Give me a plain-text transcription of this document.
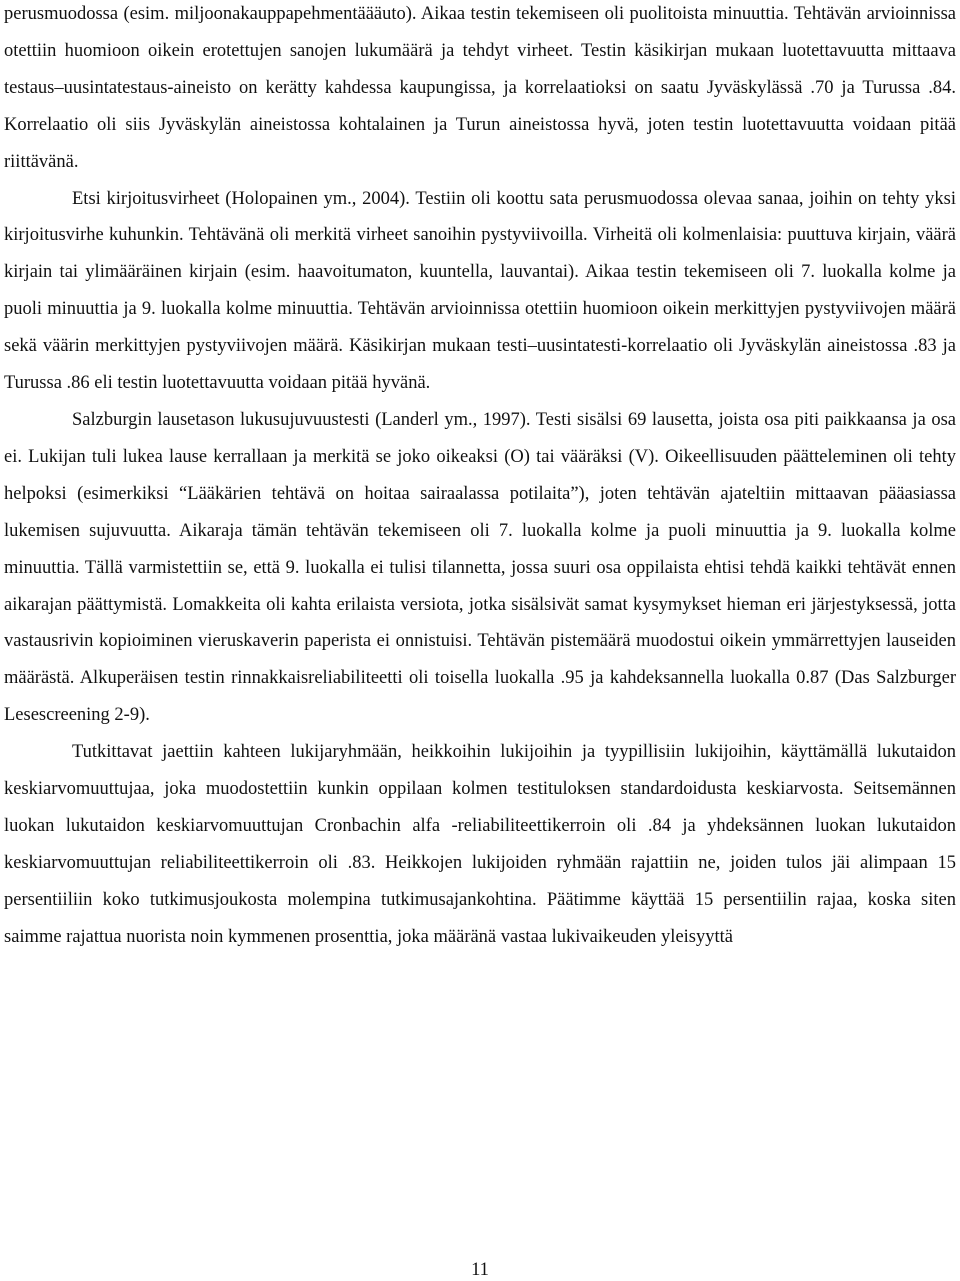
perusmuodossa (esim. miljoonakauppapehmentäääuto). Aikaa testin tekemiseen oli puolitoista minuuttia. Tehtävän arvioinnissa otettiin huomioon oikein erotettujen sanojen lukumäärä ja tehdyt virheet. Testin käsikirjan mukaan luotettavuutta mittaava testaus–uusintatestaus-aineisto on kerätty kahdessa kaupungissa, ja korrelaatioksi on saatu Jyväskylässä .70 ja Turussa .84. Korrelaatio oli siis Jyväskylän aineistossa kohtalainen ja Turun aineistossa hyvä, joten testin luotettavuutta voidaan pitää riittävänä.

Etsi kirjoitusvirheet (Holopainen ym., 2004). Testiin oli koottu sata perusmuodossa olevaa sanaa, joihin on tehty yksi kirjoitusvirhe kuhunkin. Tehtävänä oli merkitä virheet sanoihin pystyviivoilla. Virheitä oli kolmenlaisia: puuttuva kirjain, väärä kirjain tai ylimääräinen kirjain (esim. haavoitumaton, kuuntella, lauvantai). Aikaa testin tekemiseen oli 7. luokalla kolme ja puoli minuuttia ja 9. luokalla kolme minuuttia. Tehtävän arvioinnissa otettiin huomioon oikein merkittyjen pystyviivojen määrä sekä väärin merkittyjen pystyviivojen määrä. Käsikirjan mukaan testi–uusintatesti-korrelaatio oli Jyväskylän aineistossa .83 ja Turussa .86 eli testin luotettavuutta voidaan pitää hyvänä.

Salzburgin lausetason lukusujuvuustesti (Landerl ym., 1997). Testi sisälsi 69 lausetta, joista osa piti paikkaansa ja osa ei. Lukijan tuli lukea lause kerrallaan ja merkitä se joko oikeaksi (O) tai vääräksi (V). Oikeellisuuden päätteleminen oli tehty helpoksi (esimerkiksi “Lääkärien tehtävä on hoitaa sairaalassa potilaita”), joten tehtävän ajateltiin mittaavan pääasiassa lukemisen sujuvuutta. Aikaraja tämän tehtävän tekemiseen oli 7. luokalla kolme ja puoli minuuttia ja 9. luokalla kolme minuuttia. Tällä varmistettiin se, että 9. luokalla ei tulisi tilannetta, jossa suuri osa oppilaista ehtisi tehdä kaikki tehtävät ennen aikarajan päättymistä. Lomakkeita oli kahta erilaista versiota, jotka sisälsivät samat kysymykset hieman eri järjestyksessä, jotta vastausrivin kopioiminen vieruskaverin paperista ei onnistuisi. Tehtävän pistemäärä muodostui oikein ymmärrettyjen lauseiden määrästä. Alkuperäisen testin rinnakkaisreliabiliteetti oli toisella luokalla .95 ja kahdeksannella luokalla 0.87 (Das Salzburger Lesescreening 2-9).

Tutkittavat jaettiin kahteen lukijaryhmään, heikkoihin lukijoihin ja tyypillisiin lukijoihin, käyttämällä lukutaidon keskiarvomuuttujaa, joka muodostettiin kunkin oppilaan kolmen testituloksen standardoidusta keskiarvosta. Seitsemännen luokan lukutaidon keskiarvomuuttujan Cronbachin alfa -reliabiliteettikerroin oli .84 ja yhdeksännen luokan lukutaidon keskiarvomuuttujan reliabiliteettikerroin oli .83. Heikkojen lukijoiden ryhmään rajattiin ne, joiden tulos jäi alimpaan 15 persentiiliin koko tutkimusjoukosta molempina tutkimusajankohtina. Päätimme käyttää 15 persentiilin rajaa, koska siten saimme rajattua nuorista noin kymmenen prosenttia, joka määränä vastaa lukivaikeuden yleisyyttä

11
